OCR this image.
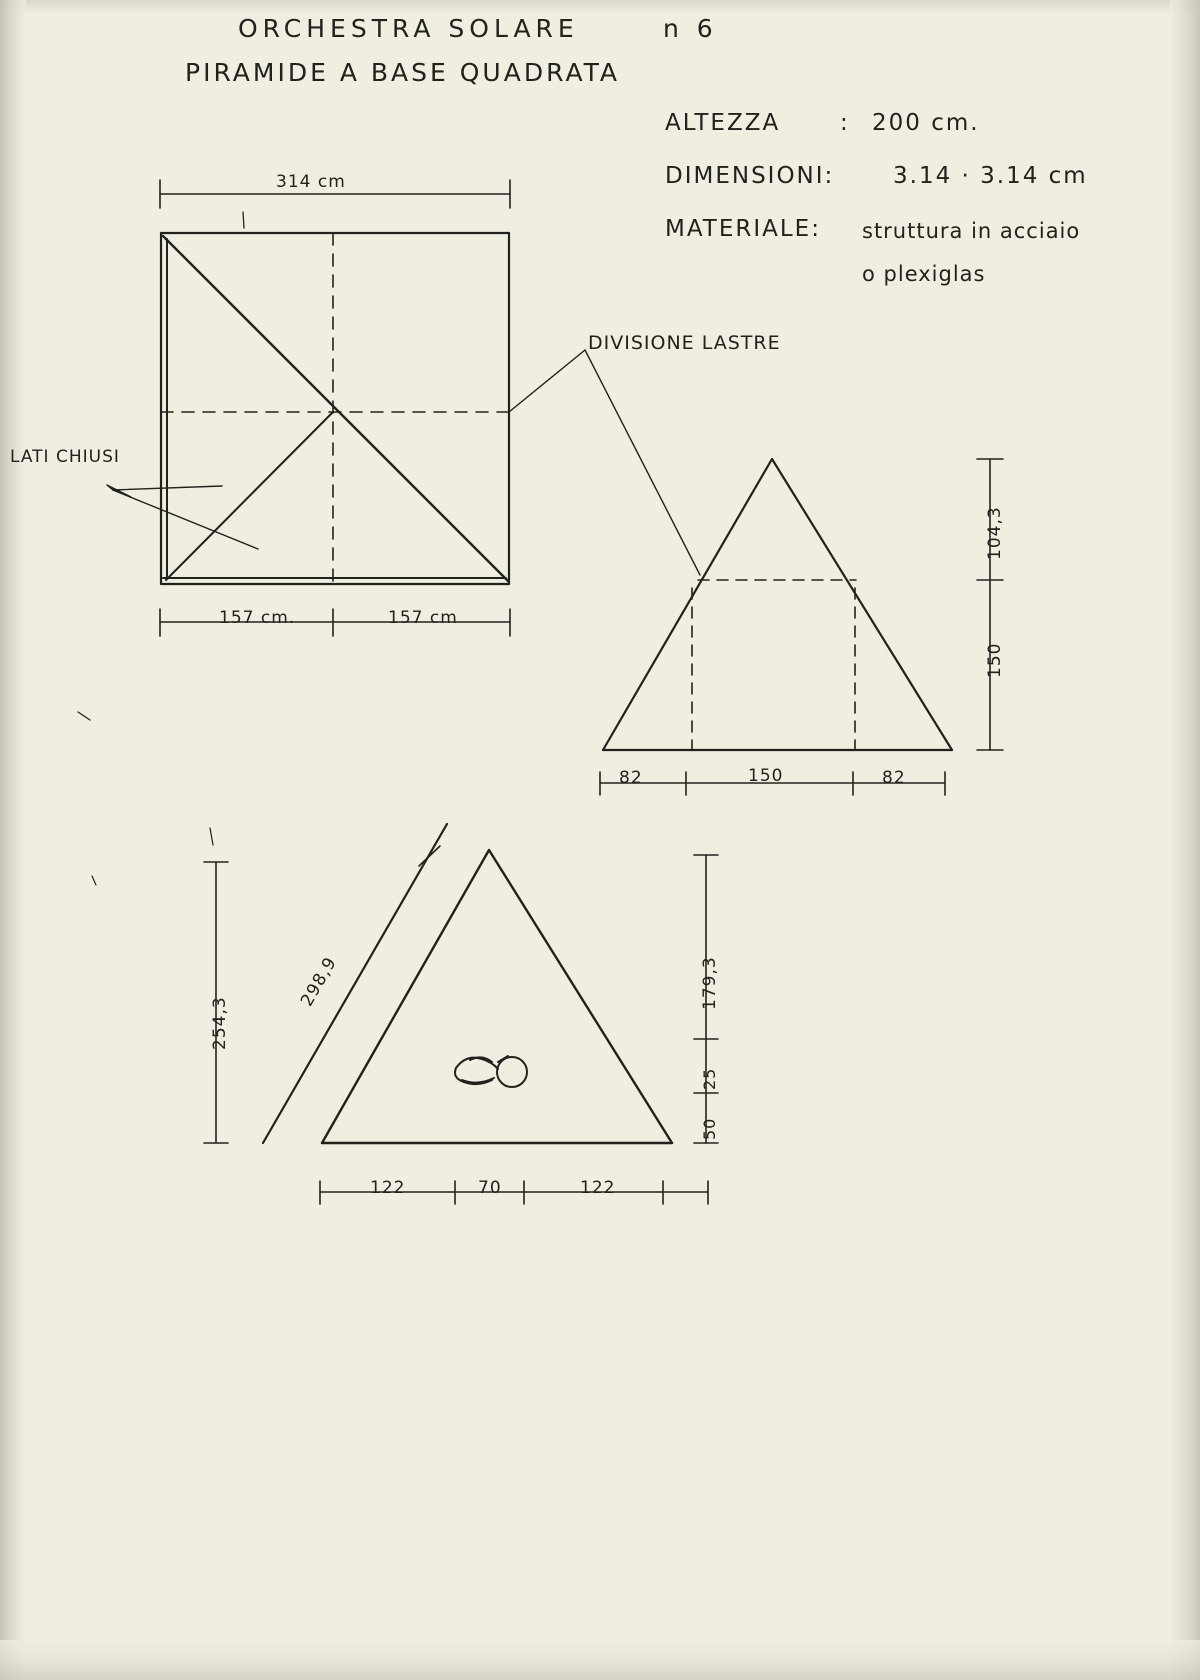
ORCHESTRA SOLARE	n 6
PIRAMIDE A BASE QUADRATA
ALTEZZA	: 200 cm.
DIMENSIONI:	3.14 · 3.14 cm
MATERIALE: struttura in acciaio
o plexiglas
314 cm
157 cm.	157 cm
LATI CHIUSI
DIVISIONE LASTRE
82	150	82
104,3
150
254,3
298,9	179,3
25
50
122	70	122
